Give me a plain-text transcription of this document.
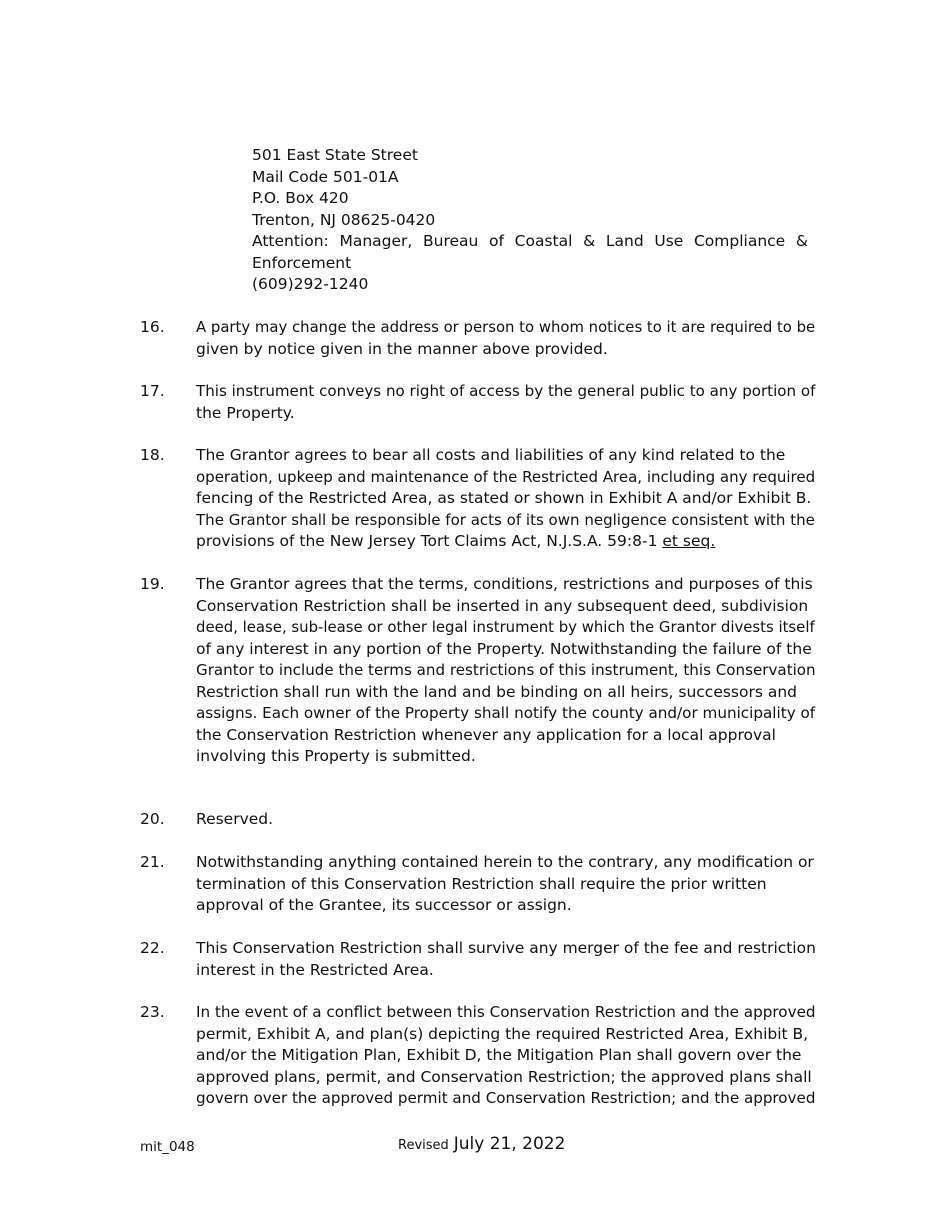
501 East State Street
Mail Code 501-01A
P.O. Box 420
Trenton, NJ 08625-0420
Attention: Manager, Bureau of Coastal & Land Use Compliance &
Enforcement
(609)292-1240
16.	A party may change the address or person to whom notices to it are required to be
given by notice given in the manner above provided.
17.	This instrument conveys no right of access by the general public to any portion of
the Property.
18.	The Grantor agrees to bear all costs and liabilities of any kind related to the
operation, upkeep and maintenance of the Restricted Area, including any required
fencing of the Restricted Area, as stated or shown in Exhibit A and/or Exhibit B.
The Grantor shall be responsible for acts of its own negligence consistent with the
provisions of the New Jersey Tort Claims Act, N.J.S.A. 59:8-1 et seq.
19.	The Grantor agrees that the terms, conditions, restrictions and purposes of this
Conservation Restriction shall be inserted in any subsequent deed, subdivision
deed, lease, sub-lease or other legal instrument by which the Grantor divests itself
of any interest in any portion of the Property. Notwithstanding the failure of the
Grantor to include the terms and restrictions of this instrument, this Conservation
Restriction shall run with the land and be binding on all heirs, successors and
assigns. Each owner of the Property shall notify the county and/or municipality of
the Conservation Restriction whenever any application for a local approval
involving this Property is submitted.
20.	Reserved.
21.	Notwithstanding anything contained herein to the contrary, any modification or
termination of this Conservation Restriction shall require the prior written
approval of the Grantee, its successor or assign.
22.	This Conservation Restriction shall survive any merger of the fee and restriction
interest in the Restricted Area.
23.	In the event of a conflict between this Conservation Restriction and the approved
permit, Exhibit A, and plan(s) depicting the required Restricted Area, Exhibit B,
and/or the Mitigation Plan, Exhibit D, the Mitigation Plan shall govern over the
approved plans, permit, and Conservation Restriction; the approved plans shall
govern over the approved permit and Conservation Restriction; and the approved
mit_048	Revised July 21, 2022
